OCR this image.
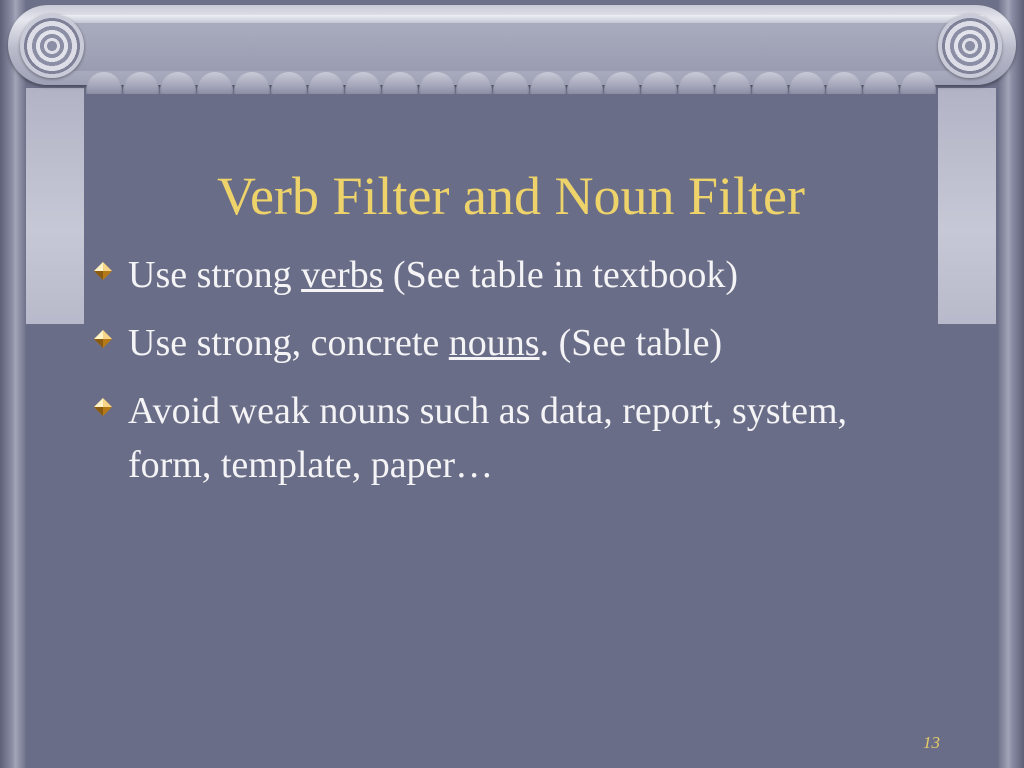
Verb Filter and Noun Filter
Use strong verbs (See table in textbook)
Use strong, concrete nouns. (See table)
Avoid weak nouns such as data, report, system, form, template, paper…
13
